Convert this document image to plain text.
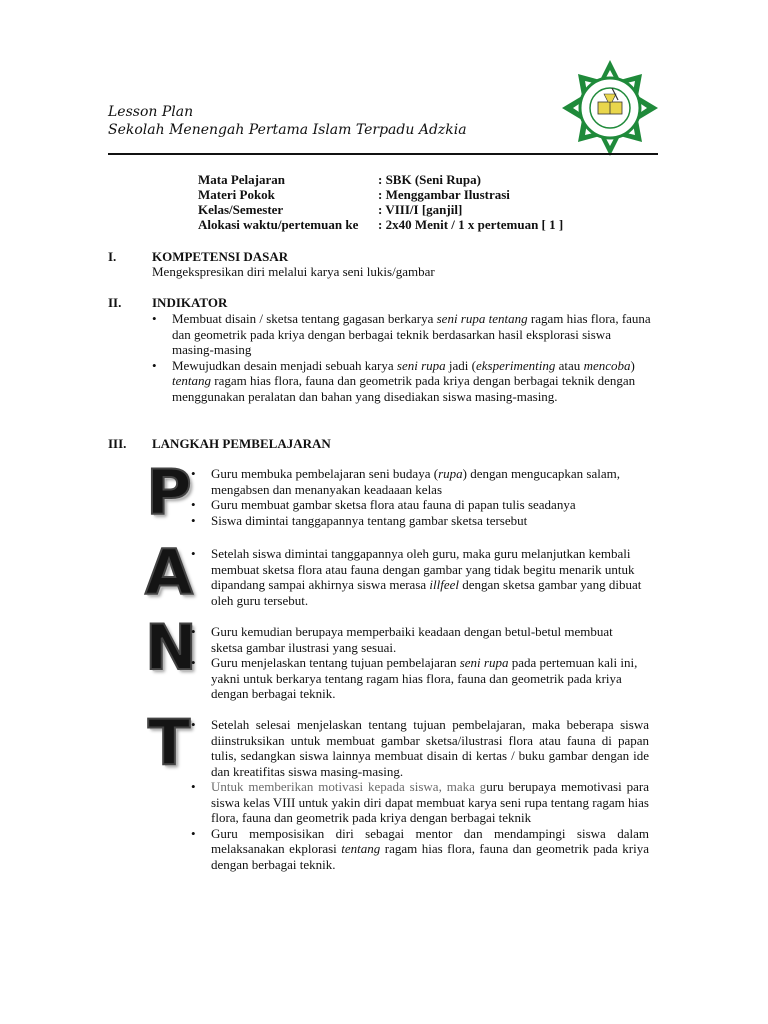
Lesson Plan
Sekolah Menengah Pertama Islam Terpadu Adzkia
Mata Pelajaran	: SBK (Seni Rupa)
Materi Pokok	: Menggambar Ilustrasi
Kelas/Semester	: VIII/I [ganjil]
Alokasi waktu/pertemuan ke : 2x40 Menit / 1 x pertemuan [ 1 ]
I.	KOMPETENSI DASAR
Mengekspresikan diri melalui karya seni lukis/gambar
II. INDIKATOR
• Membuat disain / sketsa tentang gagasan berkarya seni rupa tentang ragam hias flora, fauna dan geometrik pada kriya dengan berbagai teknik berdasarkan hasil eksplorasi siswa masing-masing
• Mewujudkan desain menjadi sebuah karya seni rupa jadi (eksperimenting atau mencoba) tentang ragam hias flora, fauna dan geometrik pada kriya dengan berbagai teknik dengan menggunakan peralatan dan bahan yang disediakan siswa masing-masing.
III. LANGKAH PEMBELAJARAN
P
A
N
T
• Guru membuka pembelajaran seni budaya (rupa) dengan mengucapkan salam, mengabsen dan menanyakan keadaaan kelas
• Guru membuat gambar sketsa flora atau fauna di papan tulis seadanya
• Siswa dimintai tanggapannya tentang gambar sketsa tersebut
• Setelah siswa dimintai tanggapannya oleh guru, maka guru melanjutkan kembali membuat sketsa flora atau fauna dengan gambar yang tidak begitu menarik untuk dipandang sampai akhirnya siswa merasa illfeel dengan sketsa gambar yang dibuat oleh guru tersebut.
• Guru kemudian berupaya memperbaiki keadaan dengan betul-betul membuat sketsa gambar ilustrasi yang sesuai.
• Guru menjelaskan tentang tujuan pembelajaran seni rupa pada pertemuan kali ini, yakni untuk berkarya tentang ragam hias flora, fauna dan geometrik pada kriya dengan berbagai teknik.
• Setelah selesai menjelaskan tentang tujuan pembelajaran, maka beberapa siswa diinstruksikan untuk membuat gambar sketsa/ilustrasi flora atau fauna di papan tulis, sedangkan siswa lainnya membuat disain di kertas / buku gambar dengan ide dan kreatifitas siswa masing-masing.
• Untuk memberikan motivasi kepada siswa, maka guru berupaya memotivasi para siswa kelas VIII untuk yakin diri dapat membuat karya seni rupa tentang ragam hias flora, fauna dan geometrik pada kriya dengan berbagai teknik
• Guru memposisikan diri sebagai mentor dan mendampingi siswa dalam melaksanakan ekplorasi tentang ragam hias flora, fauna dan geometrik pada kriya dengan berbagai teknik.
